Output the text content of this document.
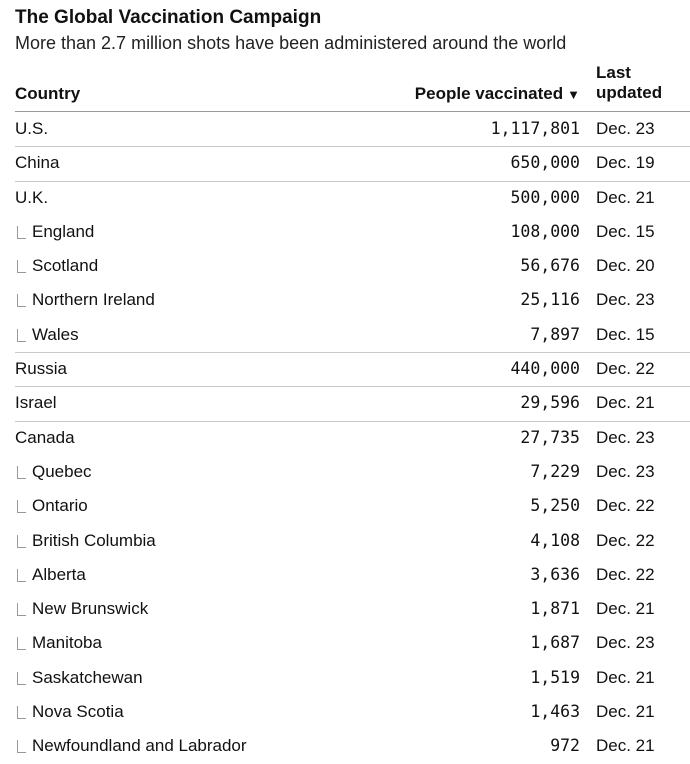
The Global Vaccination Campaign
More than 2.7 million shots have been administered around the world
Country	People vaccinated ▼
Last
updated
U.S.	1,117,801 Dec. 23
China	650,000 Dec. 19
U.K.	500,000 Dec. 21
England	108,000 Dec. 15
Scotland	56,676 Dec. 20
Northern Ireland	25,116 Dec. 23
Wales	7,897 Dec. 15
Russia	440,000 Dec. 22
Israel	29,596 Dec. 21
Canada	27,735 Dec. 23
Quebec	7,229 Dec. 23
Ontario	5,250 Dec. 22
British Columbia	4,108 Dec. 22
Alberta	3,636 Dec. 22
New Brunswick	1,871 Dec. 21
Manitoba	1,687 Dec. 23
Saskatchewan	1,519 Dec. 21
Nova Scotia	1,463 Dec. 21
Newfoundland and Labrador	972 Dec. 21
